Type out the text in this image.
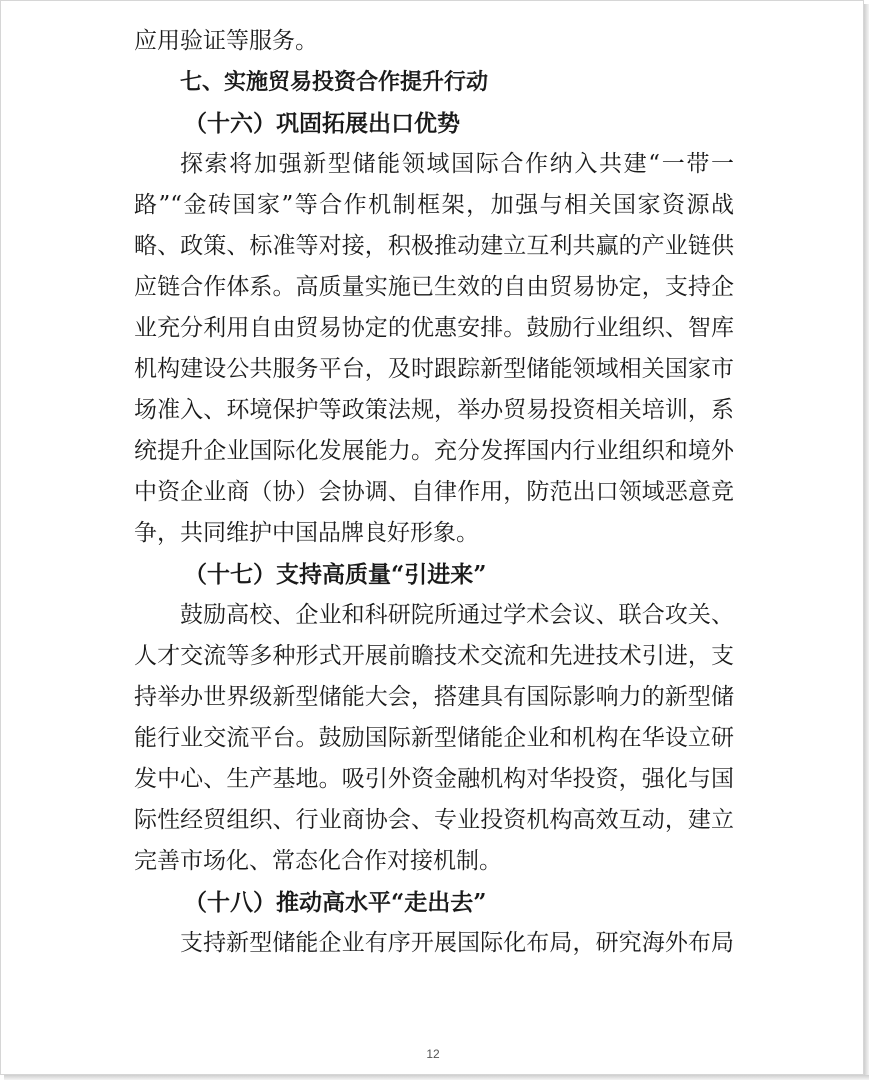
应用验证等服务。

七、实施贸易投资合作提升行动

（十六）巩固拓展出口优势

探索将加强新型储能领域国际合作纳入共建“一带一

路”“金砖国家”等合作机制框架，加强与相关国家资源战

略、政策、标准等对接，积极推动建立互利共赢的产业链供

应链合作体系。高质量实施已生效的自由贸易协定，支持企

业充分利用自由贸易协定的优惠安排。鼓励行业组织、智库

机构建设公共服务平台，及时跟踪新型储能领域相关国家市

场准入、环境保护等政策法规，举办贸易投资相关培训，系

统提升企业国际化发展能力。充分发挥国内行业组织和境外

中资企业商（协）会协调、自律作用，防范出口领域恶意竞

争，共同维护中国品牌良好形象。

（十七）支持高质量“引进来”

鼓励高校、企业和科研院所通过学术会议、联合攻关、

人才交流等多种形式开展前瞻技术交流和先进技术引进，支

持举办世界级新型储能大会，搭建具有国际影响力的新型储

能行业交流平台。鼓励国际新型储能企业和机构在华设立研

发中心、生产基地。吸引外资金融机构对华投资，强化与国

际性经贸组织、行业商协会、专业投资机构高效互动，建立

完善市场化、常态化合作对接机制。

（十八）推动高水平“走出去”

支持新型储能企业有序开展国际化布局，研究海外布局

12
